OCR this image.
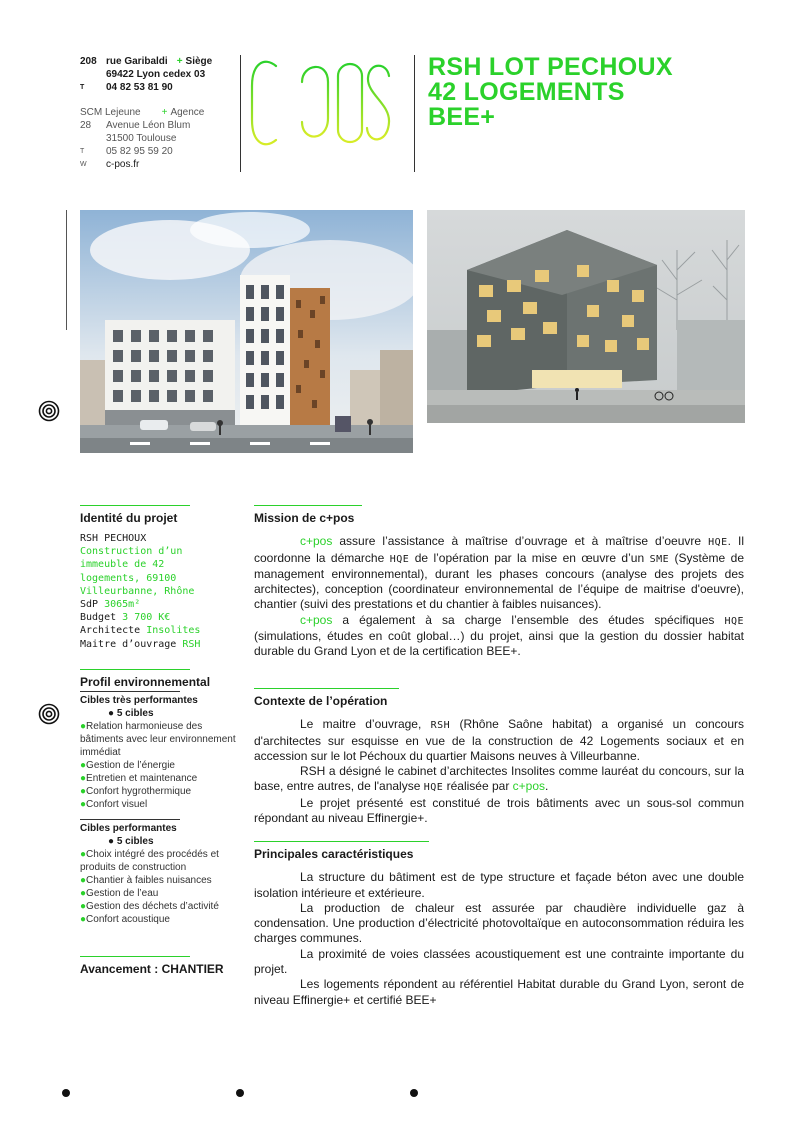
208 rue Garibaldi + Siège
69422 Lyon cedex 03
T	04 82 53 81 90
SCM Lejeune + Agence
28	Avenue Léon Blum
31500 Toulouse
T	05 82 95 59 20
W	c-pos.fr
RSH LOT PECHOUX
42 LOGEMENTS
BEE+
Identité du projet
RSH PECHOUX
Construction d’un immeuble de 42 logements, 69100 Villeurbanne, Rhône
SdP 3065m²
Budget 3 700 K€
Architecte Insolites
Maitre d’ouvrage RSH
Profil environnemental
Cibles très performantes
● 5 cibles
●Relation harmonieuse des bâtiments avec leur environnement immédiat
●Gestion de l’énergie
●Entretien et maintenance
●Confort hygrothermique
●Confort visuel
Cibles performantes
● 5 cibles
●Choix intégré des procédés et produits de construction
●Chantier à faibles nuisances
●Gestion de l’eau
●Gestion des déchets d’activité
●Confort acoustique
Avancement : CHANTIER
Mission de c+pos

c+pos assure l’assistance à maîtrise d’ouvrage et à maîtrise d’oeuvre HQE. Il coordonne la démarche HQE de l’opération par la mise en œuvre d’un SME (Système de management environnemental), durant les phases concours (analyse des projets des architectes), conception (coordinateur environnemental de l’équipe de maitrise d'oeuvre), chantier (suivi des prestations et du chantier à faibles nuisances).

c+pos a également à sa charge l’ensemble des études spécifiques HQE (simulations, études en coût global…) du projet, ainsi que la gestion du dossier habitat durable du Grand Lyon et de la certification BEE+.

Contexte de l’opération

Le maitre d’ouvrage, RSH (Rhône Saône habitat) a organisé un concours d'architectes sur esquisse en vue de la construction de 42 Logements sociaux et en accession sur le lot Péchoux du quartier Maisons neuves à Villeurbanne.

RSH a désigné le cabinet d’architectes Insolites comme lauréat du concours, sur la base, entre autres, de l'analyse HQE réalisée par c+pos.

Le projet présenté est constitué de trois bâtiments avec un sous-sol commun répondant au niveau Effinergie+.

Principales caractéristiques

La structure du bâtiment est de type structure et façade béton avec une double isolation intérieure et extérieure.

La production de chaleur est assurée par chaudière individuelle gaz à condensation. Une production d’électricité photovoltaïque en autoconsommation réduira les charges communes.

La proximité de voies classées acoustiquement est une contrainte importante du projet.

Les logements répondent au référentiel Habitat durable du Grand Lyon, seront de niveau Effinergie+ et certifié BEE+
